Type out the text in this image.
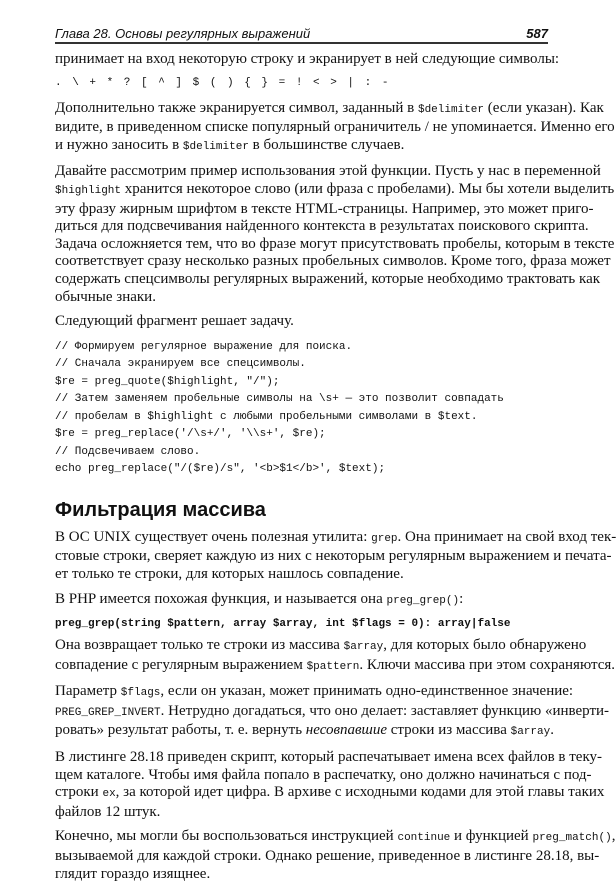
Глава 28. Основы регулярных выражений	587
принимает на вход некоторую строку и экранирует в ней следующие символы:
. \ + * ? [ ^ ] $ ( ) { } = ! < > | : -
Дополнительно также экранируется символ, заданный в $delimiter (если указан). Как
видите, в приведенном списке популярный ограничитель / не упоминается. Именно его
и нужно заносить в $delimiter в большинстве случаев.
Давайте рассмотрим пример использования этой функции. Пусть у нас в переменной
$highlight хранится некоторое слово (или фраза с пробелами). Мы бы хотели выделить
эту фразу жирным шрифтом в тексте HTML-страницы. Например, это может приго-
диться для подсвечивания найденного контекста в результатах поискового скрипта.
Задача осложняется тем, что во фразе могут присутствовать пробелы, которым в тексте
соответствует сразу несколько разных пробельных символов. Кроме того, фраза может
содержать спецсимволы регулярных выражений, которые необходимо трактовать как
обычные знаки.
Следующий фрагмент решает задачу.
// Формируем регулярное выражение для поиска.
// Сначала экранируем все спецсимволы.
$re = preg_quote($highlight, "/");
// Затем заменяем пробельные символы на \s+ — это позволит совпадать
// пробелам в $highlight с любыми пробельными символами в $text.
$re = preg_replace('/\s+/', '\\s+', $re);
// Подсвечиваем слово.
echo preg_replace("/($re)/s", '<b>$1</b>', $text);
Фильтрация массива
В ОС UNIX существует очень полезная утилита: grep. Она принимает на свой вход тек-
стовые строки, сверяет каждую из них с некоторым регулярным выражением и печата-
ет только те строки, для которых нашлось совпадение.
В PHP имеется похожая функция, и называется она preg_grep():
preg_grep(string $pattern, array $array, int $flags = 0): array|false
Она возвращает только те строки из массива $array, для которых было обнаружено
совпадение с регулярным выражением $pattern. Ключи массива при этом сохраняются.
Параметр $flags, если он указан, может принимать одно-единственное значение:
PREG_GREP_INVERT. Нетрудно догадаться, что оно делает: заставляет функцию «инверти-
ровать» результат работы, т. е. вернуть несовпавшие строки из массива $array.
В листинге 28.18 приведен скрипт, который распечатывает имена всех файлов в теку-
щем каталоге. Чтобы имя файла попало в распечатку, оно должно начинаться с под-
строки ex, за которой идет цифра. В архиве с исходными кодами для этой главы таких
файлов 12 штук.
Конечно, мы могли бы воспользоваться инструкцией continue и функцией preg_match(),
вызываемой для каждой строки. Однако решение, приведенное в листинге 28.18, вы-
глядит гораздо изящнее.
